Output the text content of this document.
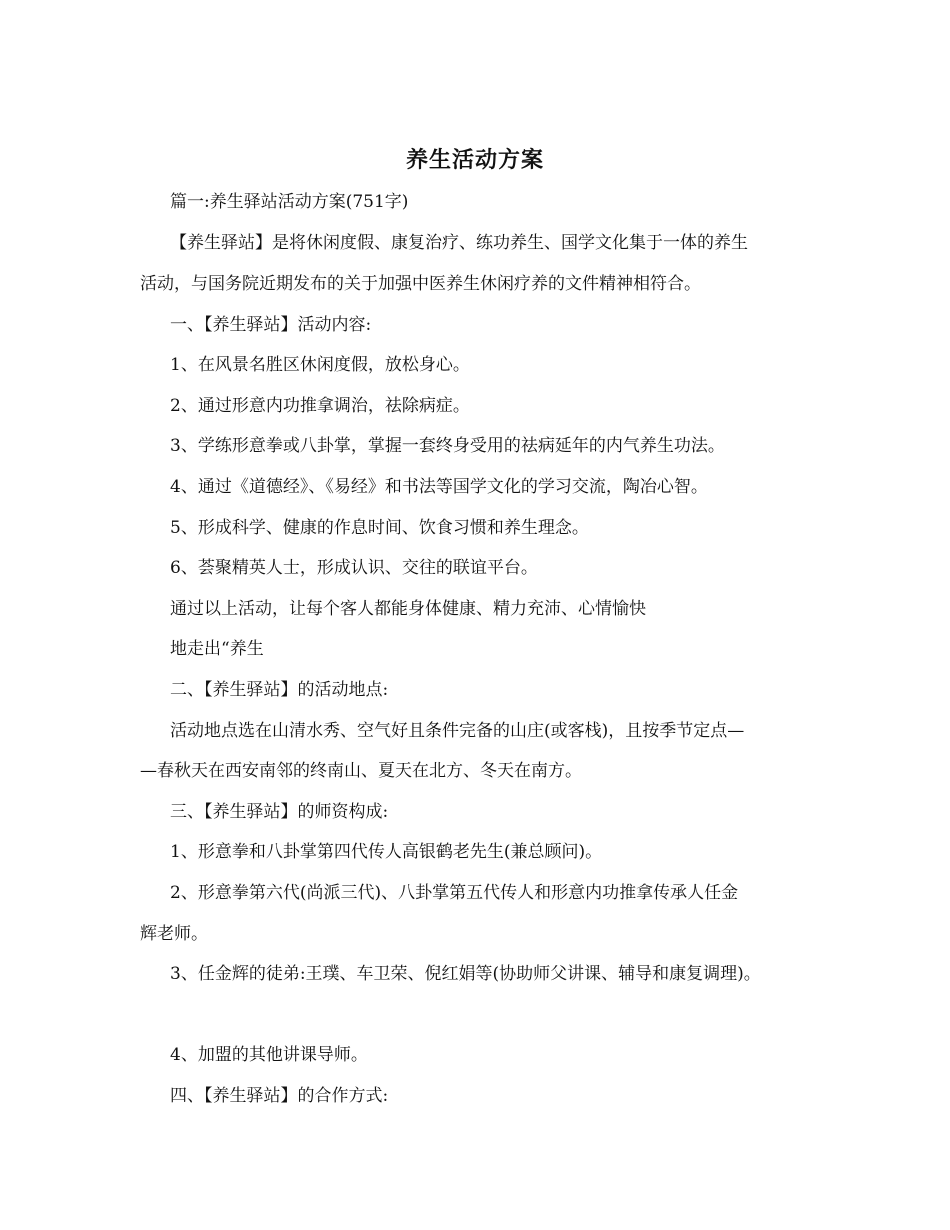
养生活动方案
篇一:养生驿站活动方案(751字)
【养生驿站】是将休闲度假、康复治疗、练功养生、国学文化集于一体的养生
活动，与国务院近期发布的关于加强中医养生休闲疗养的文件精神相符合。
一、【养生驿站】活动内容:
1、在风景名胜区休闲度假，放松身心。
2、通过形意内功推拿调治，祛除病症。
3、学练形意拳或八卦掌，掌握一套终身受用的祛病延年的内气养生功法。
4、通过《道德经》、《易经》和书法等国学文化的学习交流，陶冶心智。
5、形成科学、健康的作息时间、饮食习惯和养生理念。
6、荟聚精英人士，形成认识、交往的联谊平台。
通过以上活动，让每个客人都能身体健康、精力充沛、心情愉快
地走出“养生
二、【养生驿站】的活动地点:
活动地点选在山清水秀、空气好且条件完备的山庄(或客栈)，且按季节定点—
—春秋天在西安南邻的终南山、夏天在北方、冬天在南方。
三、【养生驿站】的师资构成:
1、形意拳和八卦掌第四代传人高银鹤老先生(兼总顾问)。
2、形意拳第六代(尚派三代)、八卦掌第五代传人和形意内功推拿传承人任金
辉老师。
3、任金辉的徒弟:王璞、车卫荣、倪红娟等(协助师父讲课、辅导和康复调理)。
4、加盟的其他讲课导师。
四、【养生驿站】的合作方式:
